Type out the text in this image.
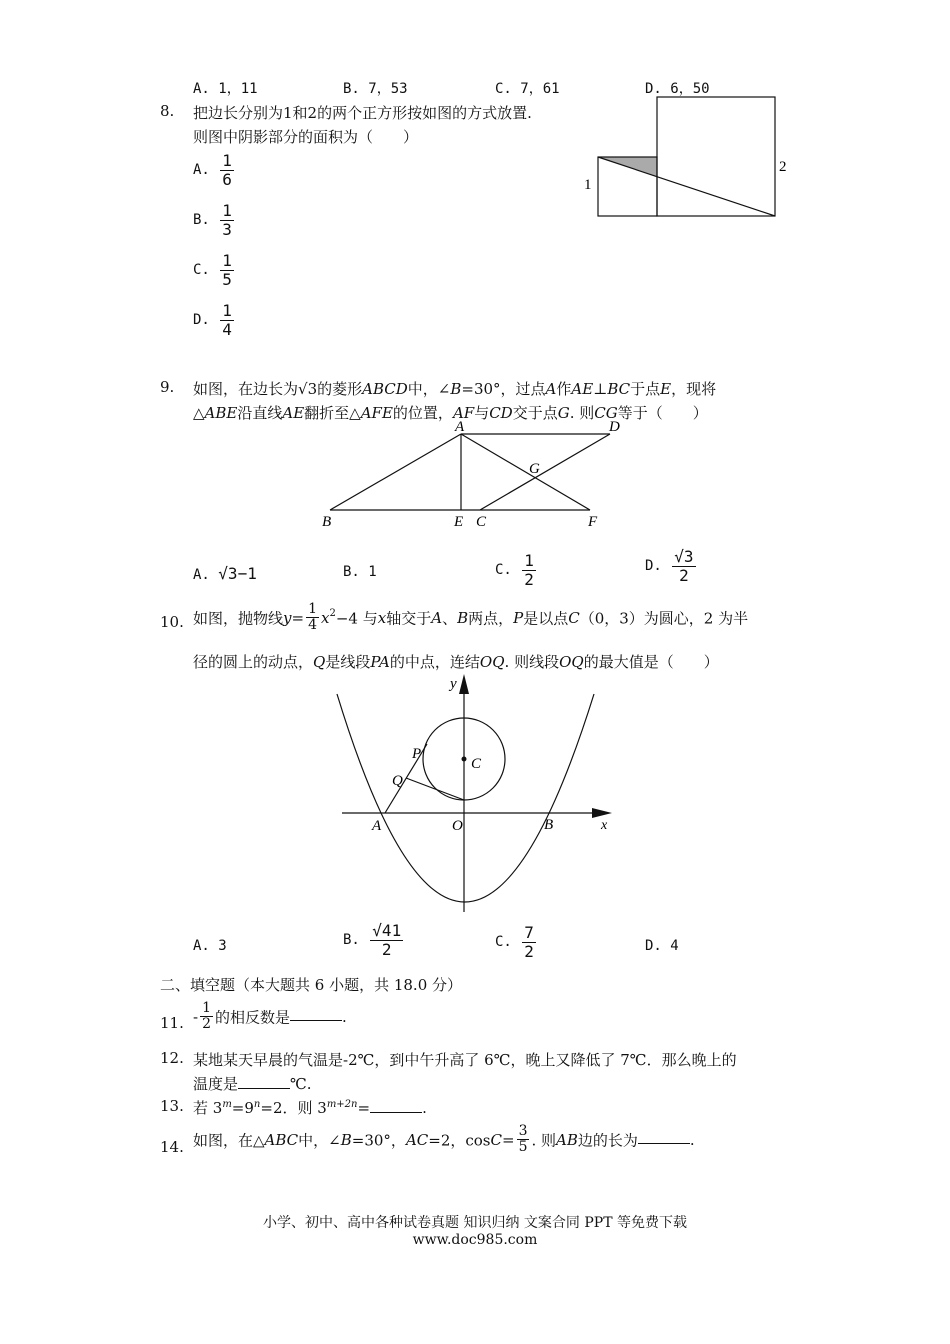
A. 1，11	B. 7，53	C. 7，61	D. 6，50
8. 把边长分别为1和2的两个正方形按如图的方式放置.
则图中阴影部分的面积为（　　）
1
2
A. $\frac{1}{6}$
B. $\frac{1}{3}$
C. $\frac{1}{5}$
D. $\frac{1}{4}$
9. 如图，在边长为√3的菱形ABCD中，∠B=30°，过点A作AE⊥BC于点E，现将
△ABE沿直线AE翻折至△AFE的位置，AF与CD交于点G. 则CG等于（　　）
A	D
G
B	E C	F
A. √3−1	B. 1	C. $\frac{1}{2}$	D. $\frac{√3}{2}$
10. 如图，抛物线$y= \frac{1}{4} x^2-4$ 与x轴交于A、B两点，P是以点C（0，3）为圆心，2 为半
径的圆上的动点，Q是线段PA的中点，连结OQ. 则线段OQ的最大值是（　　）
y
x
P
C
Q
A	O	B
A. 3	B. $\frac{√41}{2}$	C. $\frac{7}{2}$	D. 4
二、填空题（本大题共 6 小题，共 18.0 分）
11. - $\frac{1}{2}$ 的相反数是	.
12. 某地某天早晨的气温是-2℃，到中午升高了 6℃，晚上又降低了 7℃．那么晚上的
温度是	℃.
13. 若 $3^m=9^n=2$．则 $3^{m+2n}=$	.
14. 如图，在△ABC中，∠B=30°，AC=2，$\cos C= \frac{3}{5}$ . 则AB边的长为	.
小学、初中、高中各种试卷真题 知识归纳 文案合同 PPT 等免费下载
www.doc985.com
